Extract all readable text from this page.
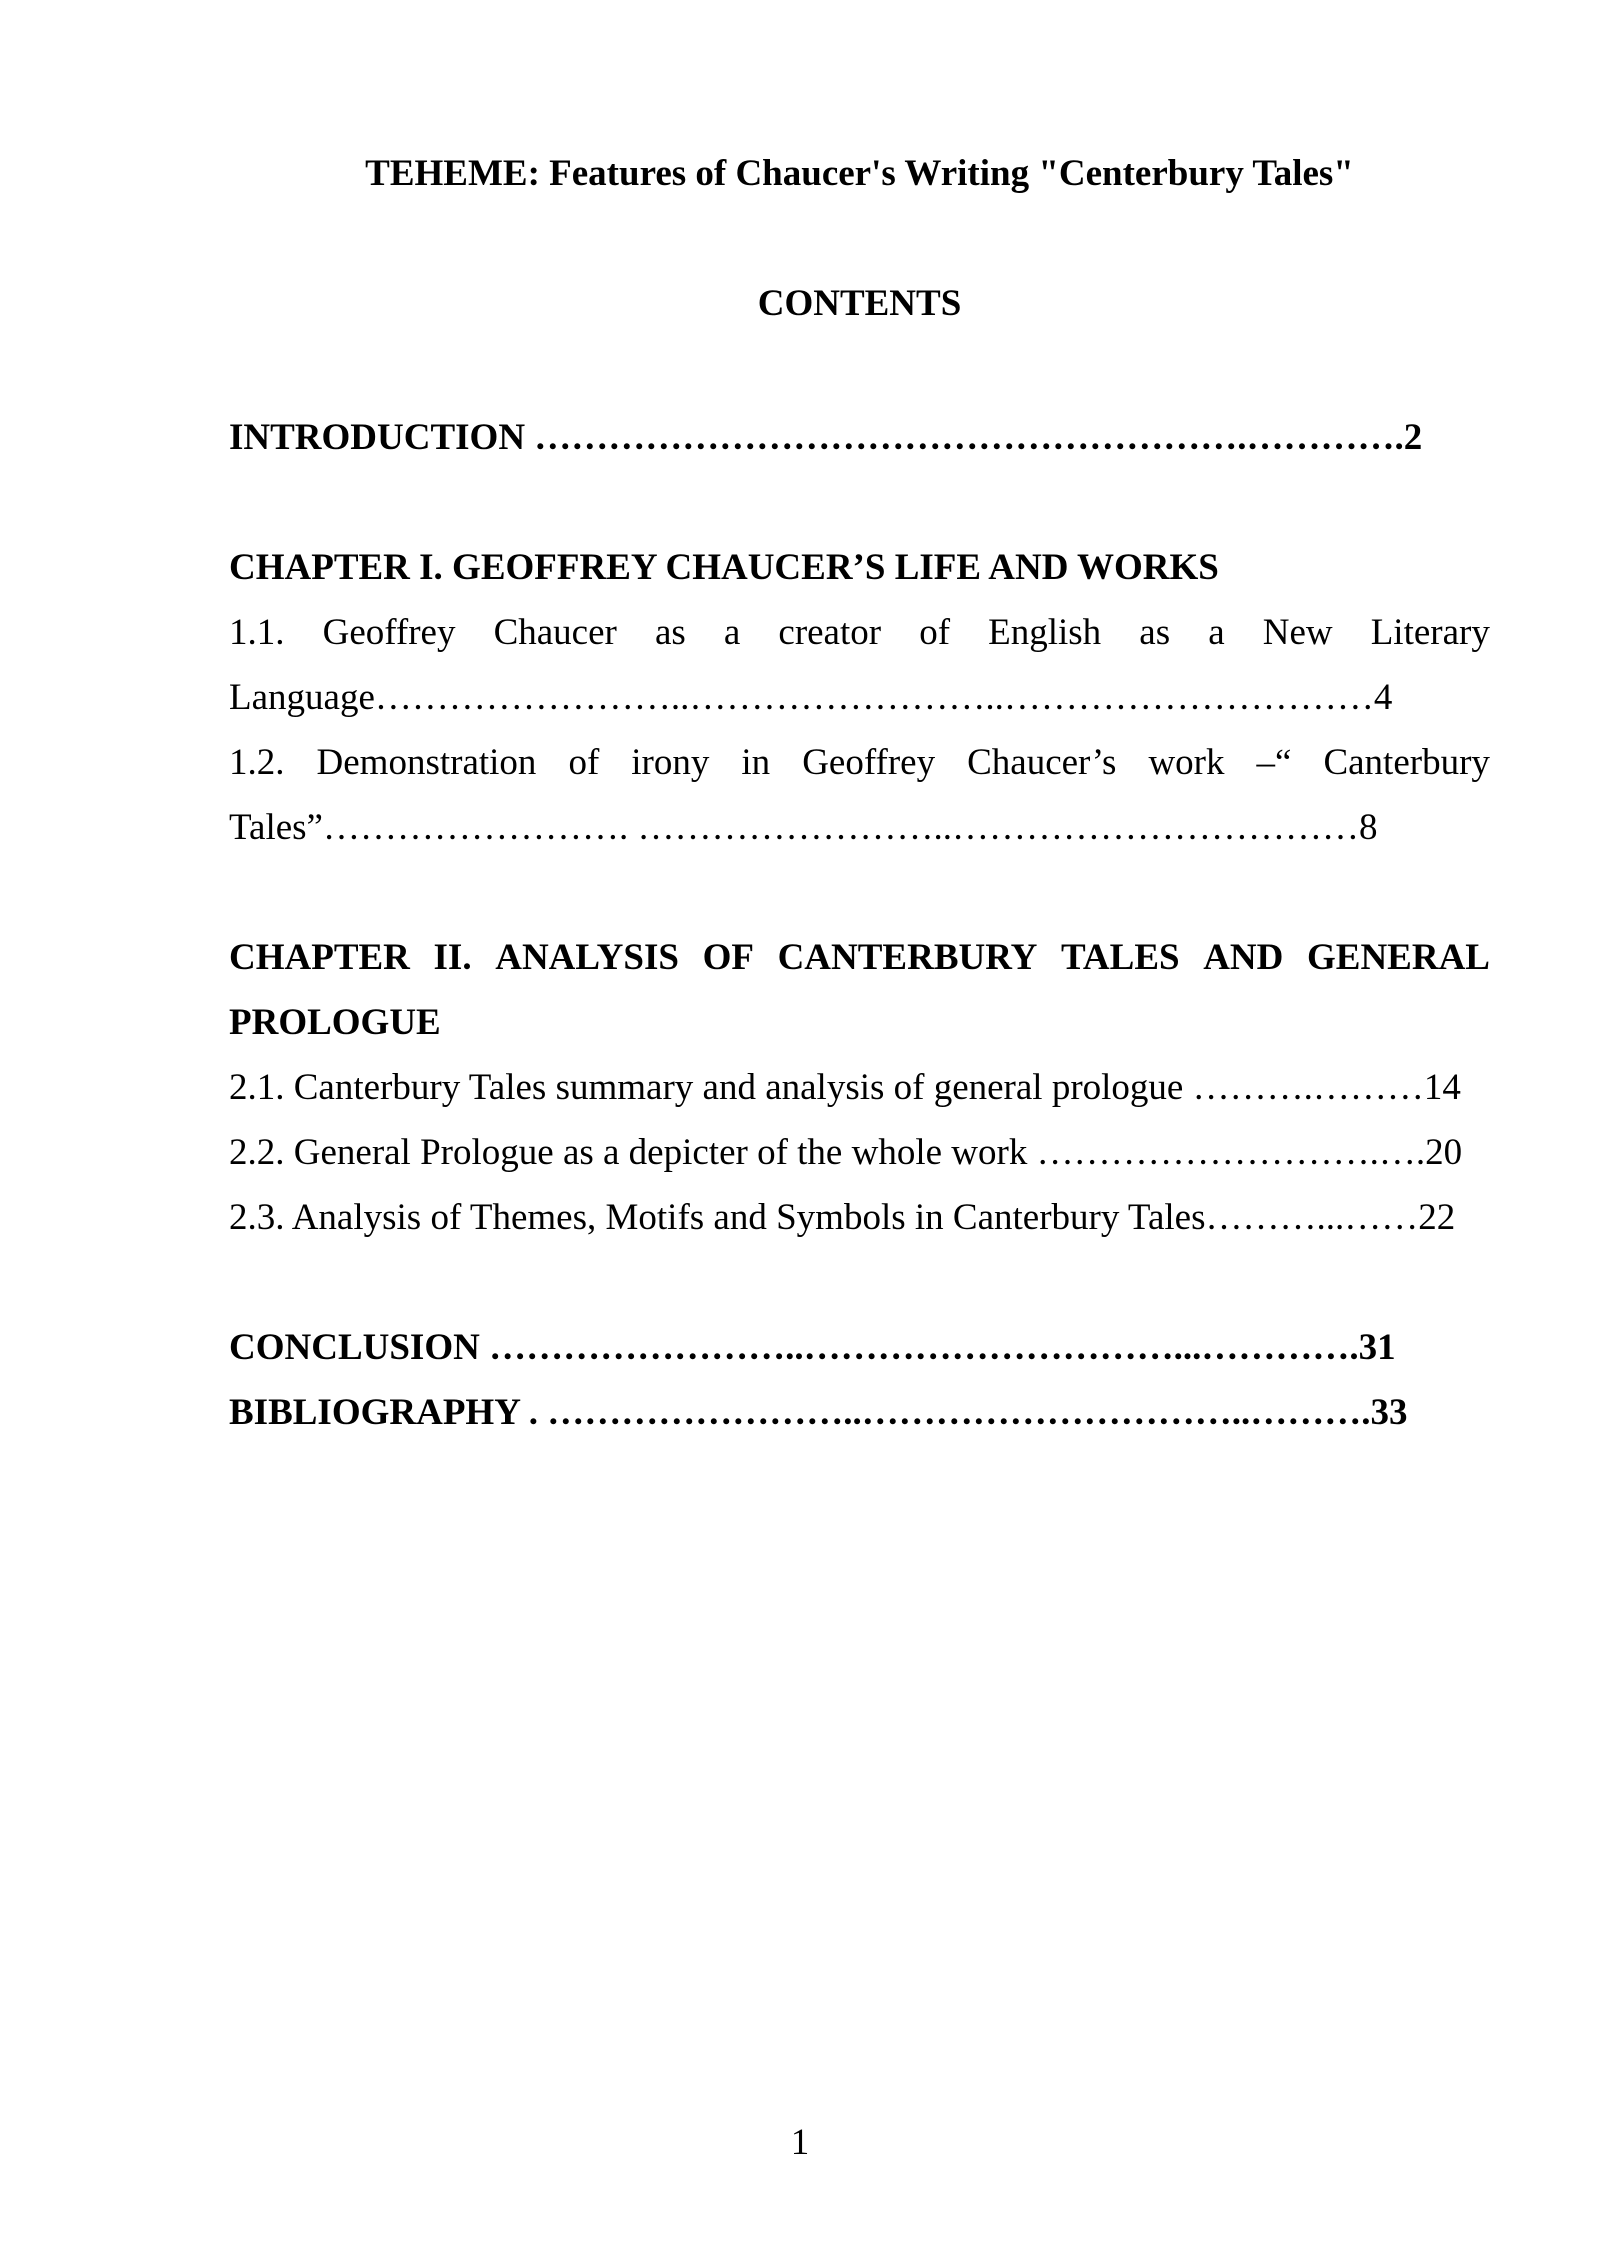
TEHEME: Features of Chaucer's Writing "Centerbury Tales"
CONTENTS
INTRODUCTION ………………………………………………….………….2
CHAPTER I. GEOFFREY CHAUCER’S LIFE AND WORKS
1.1. Geoffrey Chaucer as a creator of English as a New Literary
Language……………………..……………………..…………………………4
1.2. Demonstration of irony in Geoffrey Chaucer’s work –“ Canterbury
Tales”……………………. ……………………..……………………………8
CHAPTER II. ANALYSIS OF CANTERBURY TALES AND GENERAL
PROLOGUE
2.1. Canterbury Tales summary and analysis of general prologue ……….………14
2.2. General Prologue as a depicter of the whole work ……………………….….20
2.3. Analysis of Themes, Motifs and Symbols in Canterbury Tales………...……22
CONCLUSION ……………………..…………………………...………….31
BIBLIOGRAPHY . ……………………..…………………………..……….33
1
